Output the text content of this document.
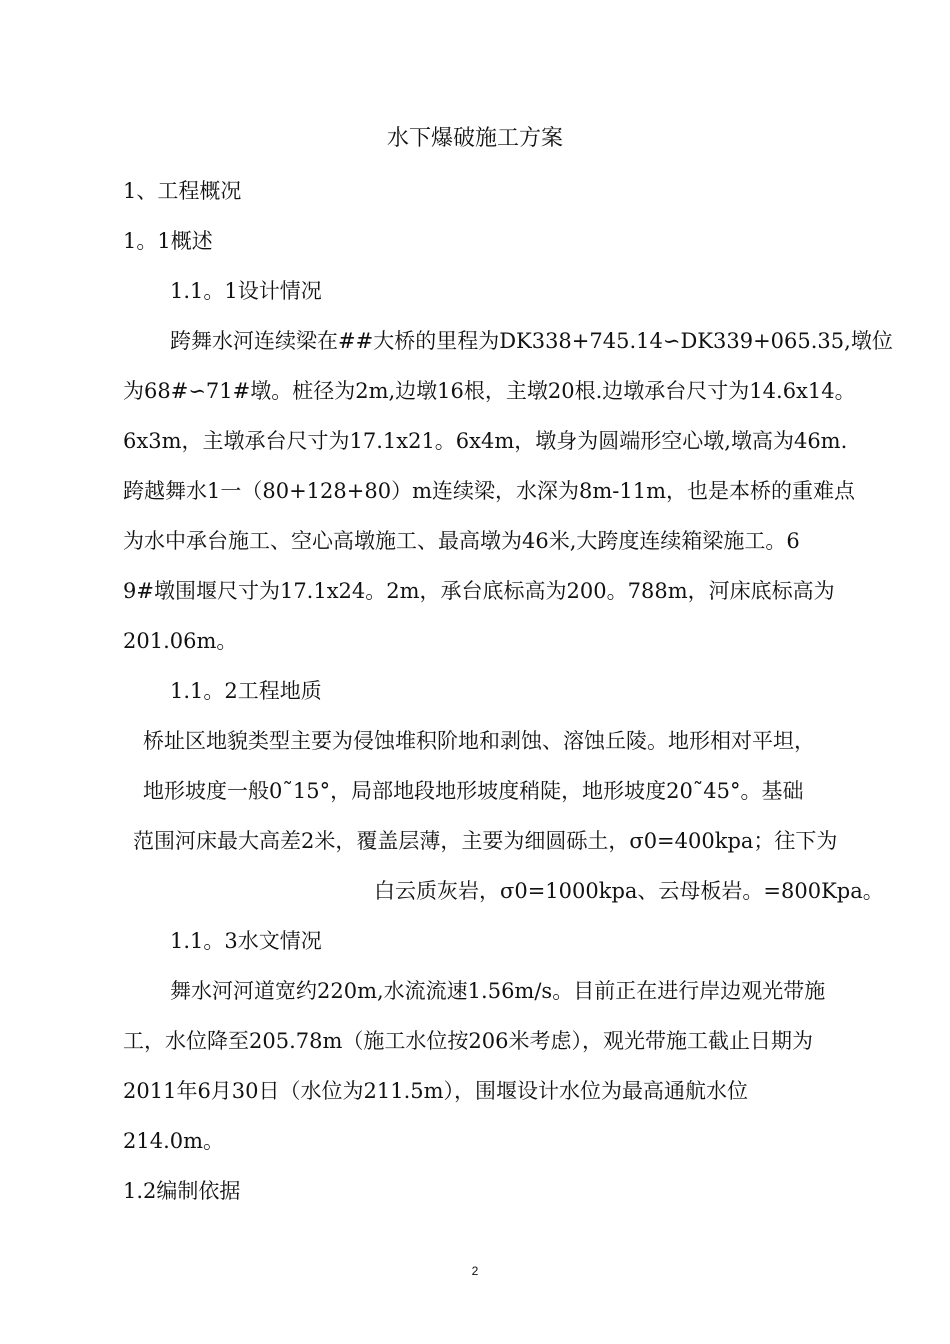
水下爆破施工方案
1、工程概况
1。1概述
1.1。1设计情况
跨舞水河连续梁在##大桥的里程为DK338+745.14∽DK339+065.35,墩位
为68#∽71#墩。桩径为2m,边墩16根，主墩20根.边墩承台尺寸为14.6x14。
6x3m，主墩承台尺寸为17.1x21。6x4m，墩身为圆端形空心墩,墩高为46m.
跨越舞水1一（80+128+80）m连续梁，水深为8m-11m，也是本桥的重难点
为水中承台施工、空心高墩施工、最高墩为46米,大跨度连续箱梁施工。6
9#墩围堰尺寸为17.1x24。2m，承台底标高为200。788m，河床底标高为
201.06m。
1.1。2工程地质
桥址区地貌类型主要为侵蚀堆积阶地和剥蚀、溶蚀丘陵。地形相对平坦，
地形坡度一般0˜15°，局部地段地形坡度稍陡，地形坡度20˜45°。基础
范围河床最大高差2米，覆盖层薄，主要为细圆砾土，σ0=400kpa；往下为
白云质灰岩，σ0=1000kpa、云母板岩。=800Kpa。
1.1。3水文情况
舞水河河道宽约220m,水流流速1.56m/s。目前正在进行岸边观光带施
工，水位降至205.78m（施工水位按206米考虑），观光带施工截止日期为
2011年6月30日（水位为211.5m），围堰设计水位为最高通航水位
214.0m。
1.2编制依据
2
